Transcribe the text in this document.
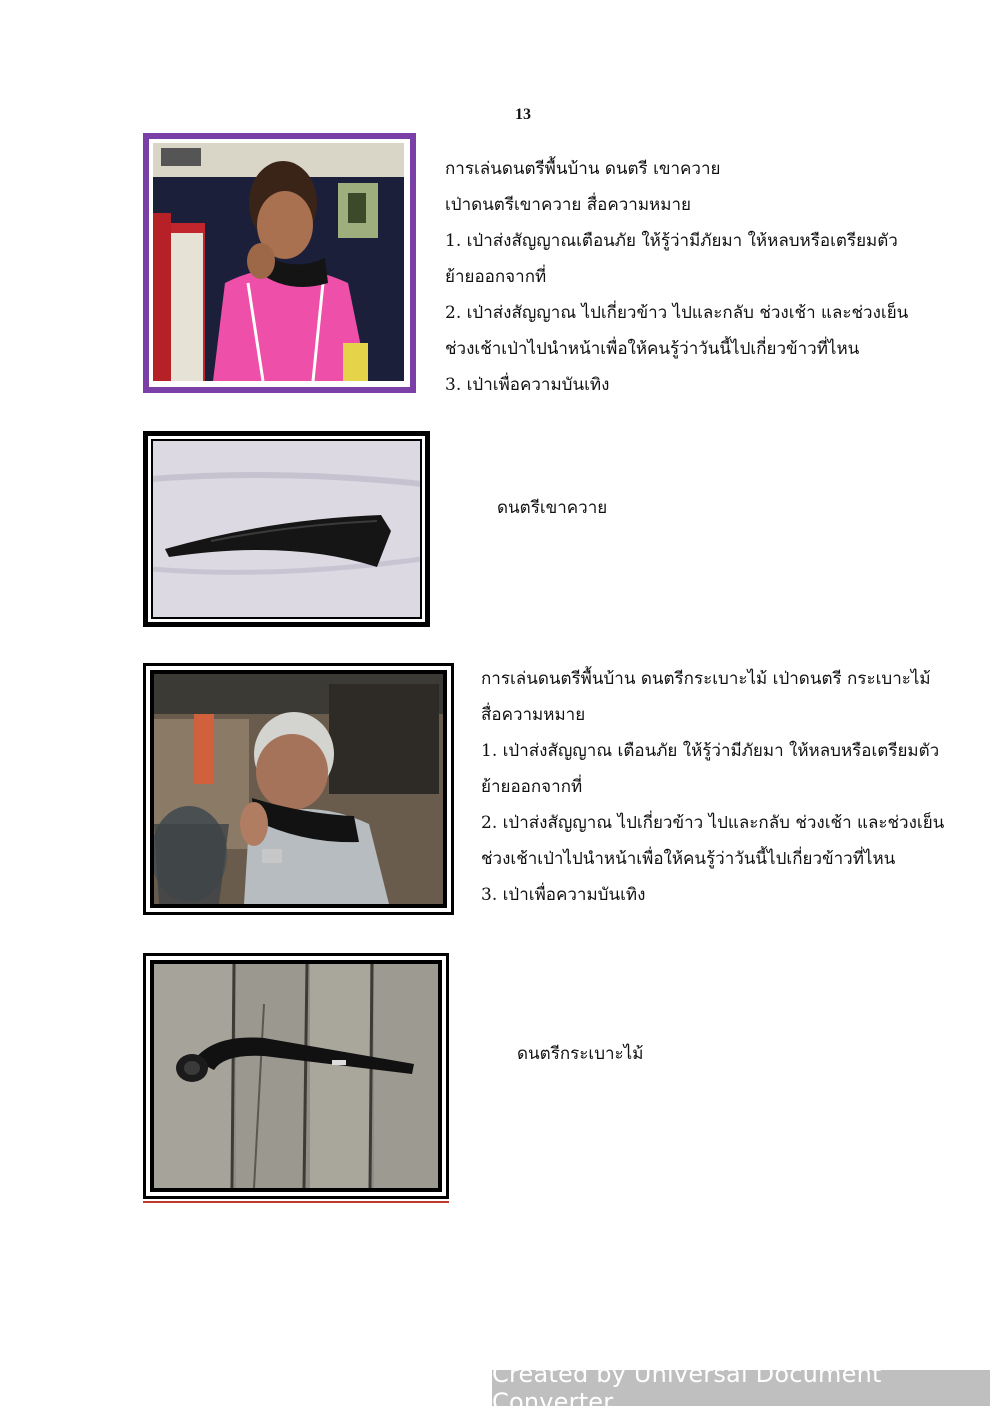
13

การเล่นดนตรีพื้นบ้าน ดนตรี เขาควาย

เป่าดนตรีเขาควาย สื่อความหมาย

1. เป่าส่งสัญญาณเตือนภัย ให้รู้ว่ามีภัยมา ให้หลบหรือเตรียมตัว

ย้ายออกจากที่

2. เป่าส่งสัญญาณ ไปเกี่ยวข้าว ไปและกลับ ช่วงเช้า และช่วงเย็น

ช่วงเช้าเป่าไปนำหน้าเพื่อให้คนรู้ว่าวันนี้ไปเกี่ยวข้าวที่ไหน

3. เป่าเพื่อความบันเทิง

ดนตรีเขาควาย

การเล่นดนตรีพื้นบ้าน ดนตรีกระเบาะไม้ เป่าดนตรี กระเบาะไม้

สื่อความหมาย

1. เป่าส่งสัญญาณ เตือนภัย ให้รู้ว่ามีภัยมา ให้หลบหรือเตรียมตัว

ย้ายออกจากที่

2. เป่าส่งสัญญาณ ไปเกี่ยวข้าว ไปและกลับ ช่วงเช้า และช่วงเย็น

ช่วงเช้าเป่าไปนำหน้าเพื่อให้คนรู้ว่าวันนี้ไปเกี่ยวข้าวที่ไหน

3. เป่าเพื่อความบันเทิง

ดนตรีกระเบาะไม้
Created by Universal Document Converter
